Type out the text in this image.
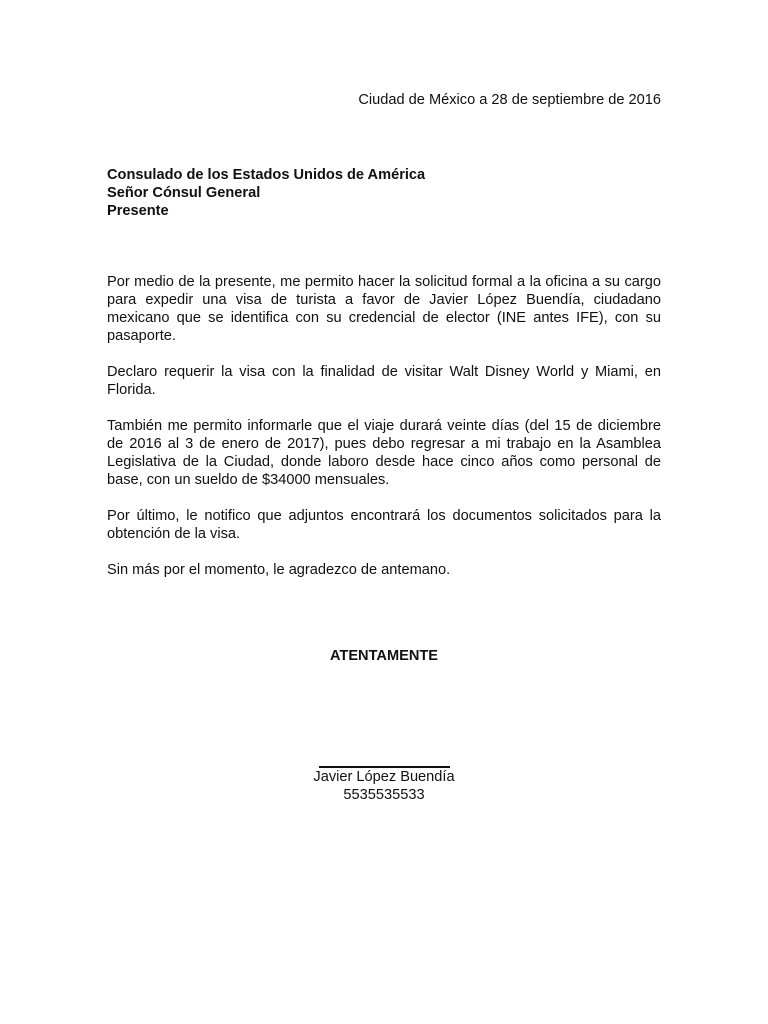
Ciudad de México a 28 de septiembre de 2016
Consulado de los Estados Unidos de América
Señor Cónsul General
Presente

Por medio de la presente, me permito hacer la solicitud formal a la oficina a su cargo para expedir una visa de turista a favor de Javier López Buendía, ciudadano mexicano que se identifica con su credencial de elector (INE antes IFE), con su pasaporte.

Declaro requerir la visa con la finalidad de visitar Walt Disney World y Miami, en Florida.

También me permito informarle que el viaje durará veinte días (del 15 de diciembre de 2016 al 3 de enero de 2017), pues debo regresar a mi trabajo en la Asamblea Legislativa de la Ciudad, donde laboro desde hace cinco años como personal de base, con un sueldo de $34000 mensuales.

Por último, le notifico que adjuntos encontrará los documentos solicitados para la obtención de la visa.

Sin más por el momento, le agradezco de antemano.

ATENTAMENTE
Javier López Buendía
5535535533
